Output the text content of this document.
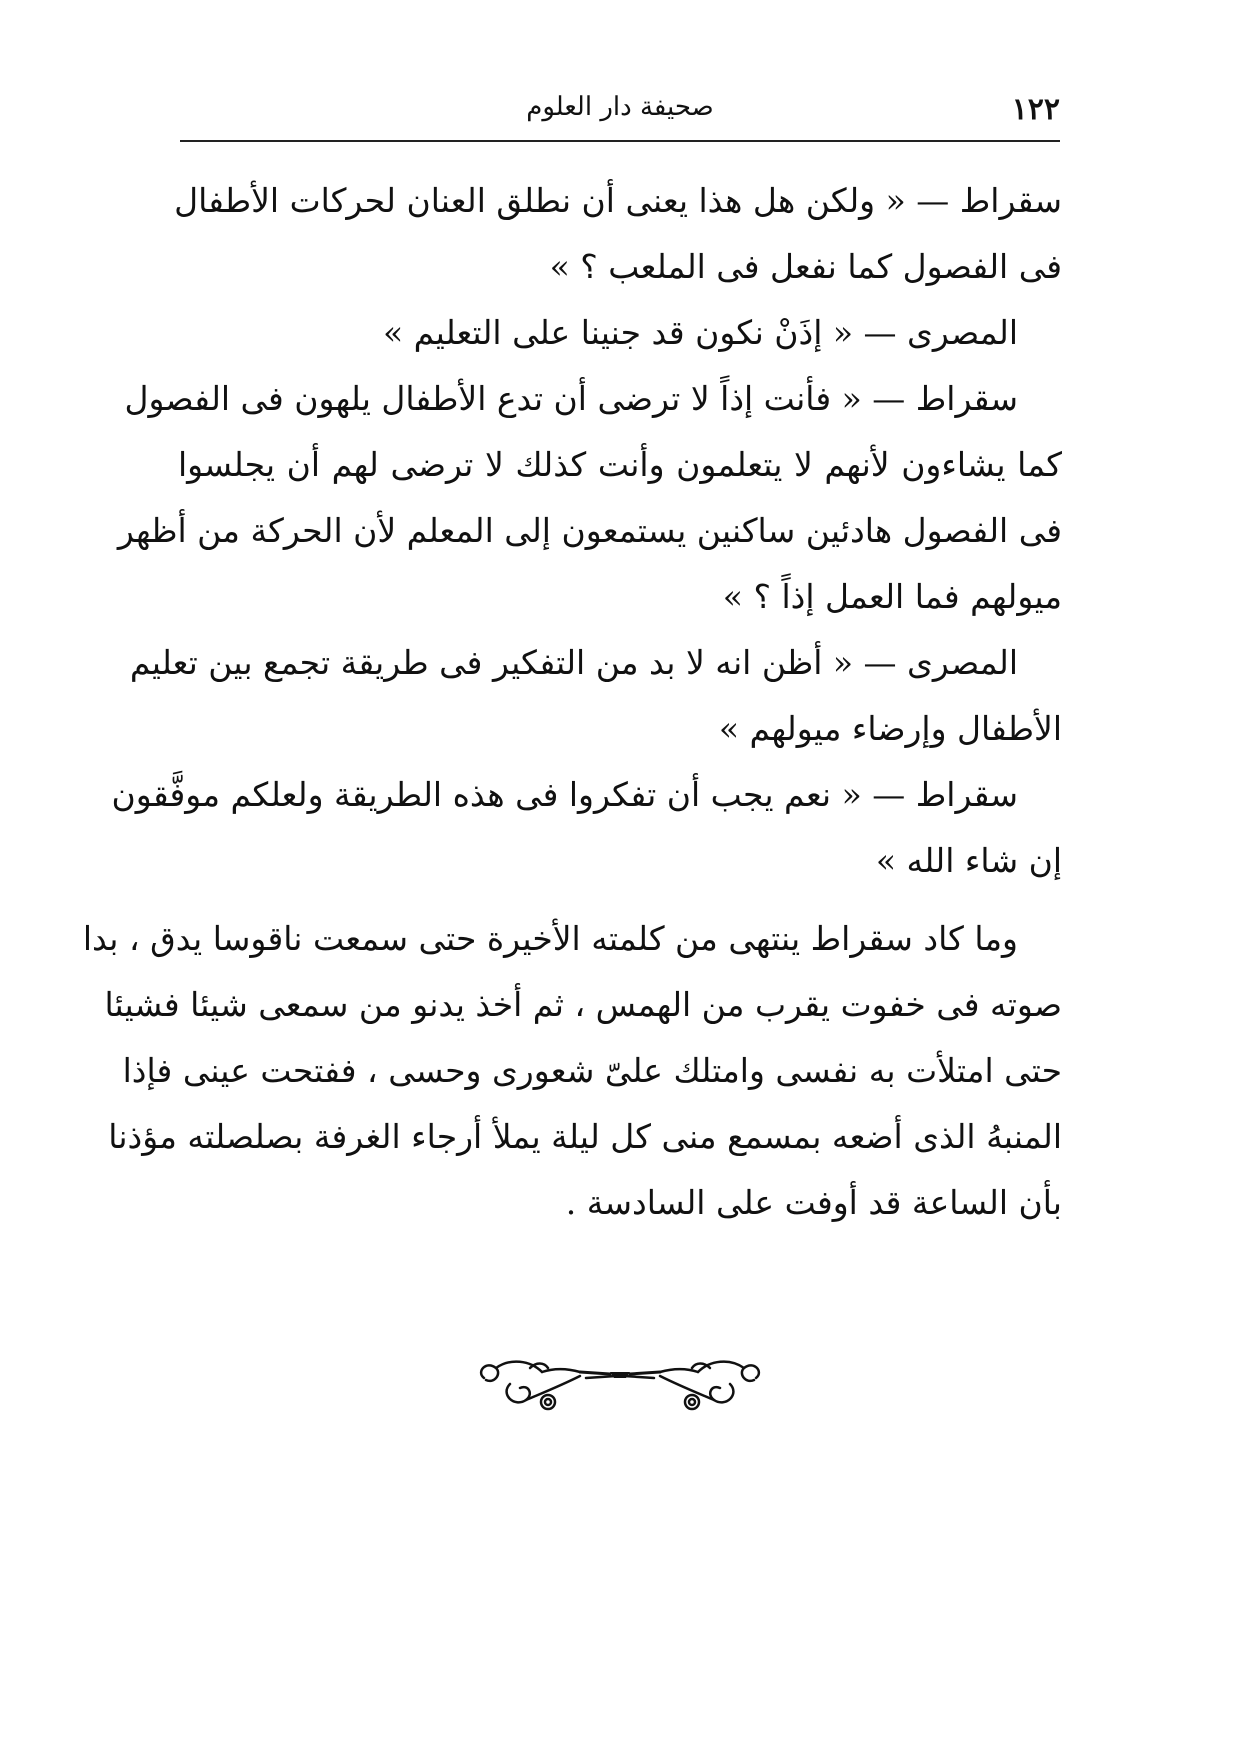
١٢٢
صحيفة دار العلوم
سقراط — « ولكن هل هذا يعنى أن نطلق العنان لحركات الأطفال
فى الفصول كما نفعل فى الملعب ؟ »
المصرى — « إذَنْ نكون قد جنينا على التعليم »
سقراط — « فأنت إذاً لا ترضى أن تدع الأطفال يلهون فى الفصول
كما يشاءون لأنهم لا يتعلمون وأنت كذلك لا ترضى لهم أن يجلسوا
فى الفصول هادئين ساكنين يستمعون إلى المعلم لأن الحركة من أظهر
ميولهم فما العمل إذاً ؟ »
المصرى — « أظن انه لا بد من التفكير فى طريقة تجمع بين تعليم
الأطفال وإرضاء ميولهم »
سقراط — « نعم يجب أن تفكروا فى هذه الطريقة ولعلكم موفَّقون
إن شاء الله »
وما كاد سقراط ينتهى من كلمته الأخيرة حتى سمعت ناقوسا يدق ، بدا
صوته فى خفوت يقرب من الهمس ، ثم أخذ يدنو من سمعى شيئا فشيئا
حتى امتلأت به نفسى وامتلك علىّ شعورى وحسى ، ففتحت عينى فإذا
المنبهُ الذى أضعه بمسمع منى كل ليلة يملأ أرجاء الغرفة بصلصلته مؤذنا
بأن الساعة قد أوفت على السادسة .
